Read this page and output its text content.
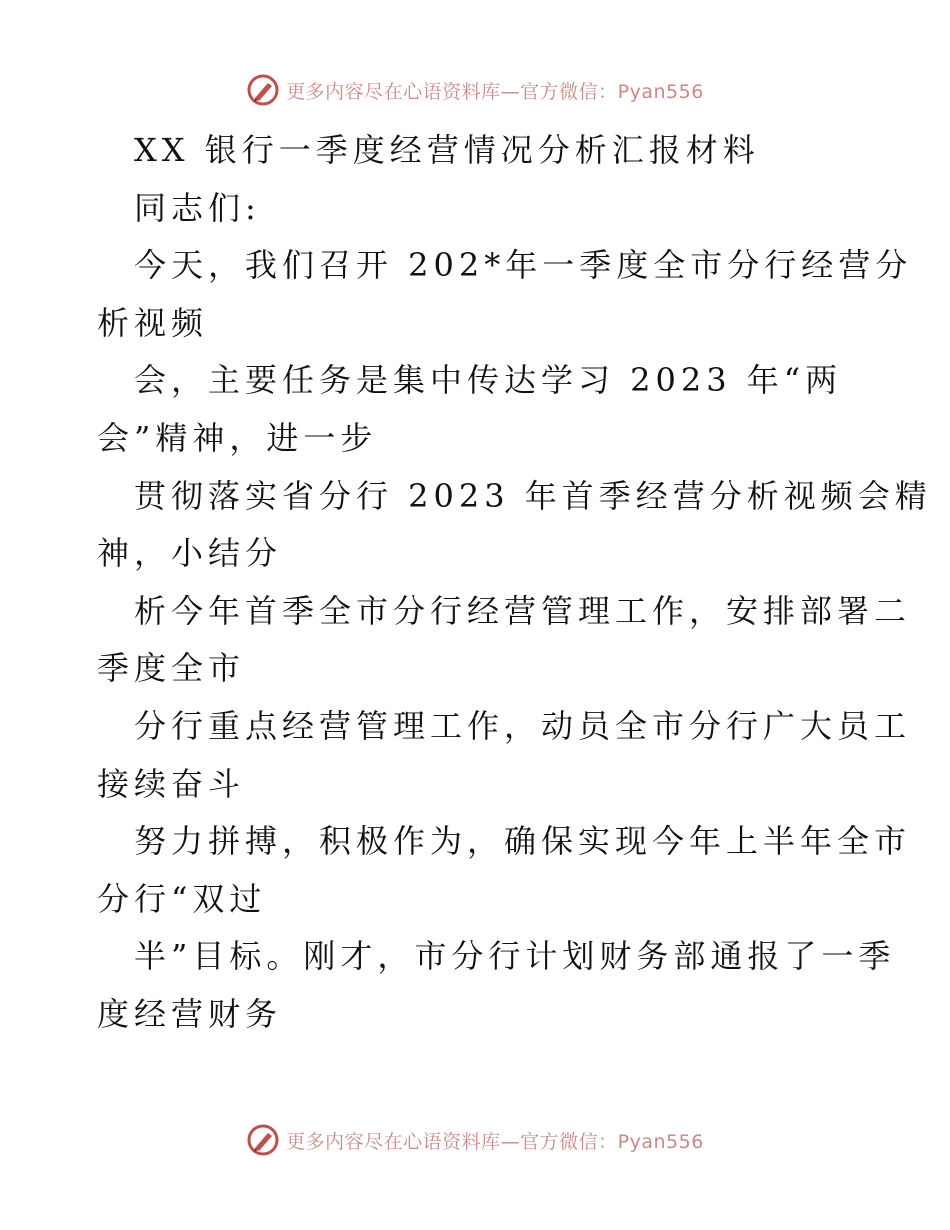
更多内容尽在心语资料库—官方微信：Pyan556
XX 银行一季度经营情况分析汇报材料
同志们:
今天，我们召开 202*年一季度全市分行经营分
析视频
会，主要任务是集中传达学习 2023 年“两
会”精神，进一步
贯彻落实省分行 2023 年首季经营分析视频会精
神，小结分
析今年首季全市分行经营管理工作，安排部署二
季度全市
分行重点经营管理工作，动员全市分行广大员工
接续奋斗
努力拼搏，积极作为，确保实现今年上半年全市
分行“双过
半”目标。刚才，市分行计划财务部通报了一季
度经营财务
更多内容尽在心语资料库—官方微信：Pyan556
